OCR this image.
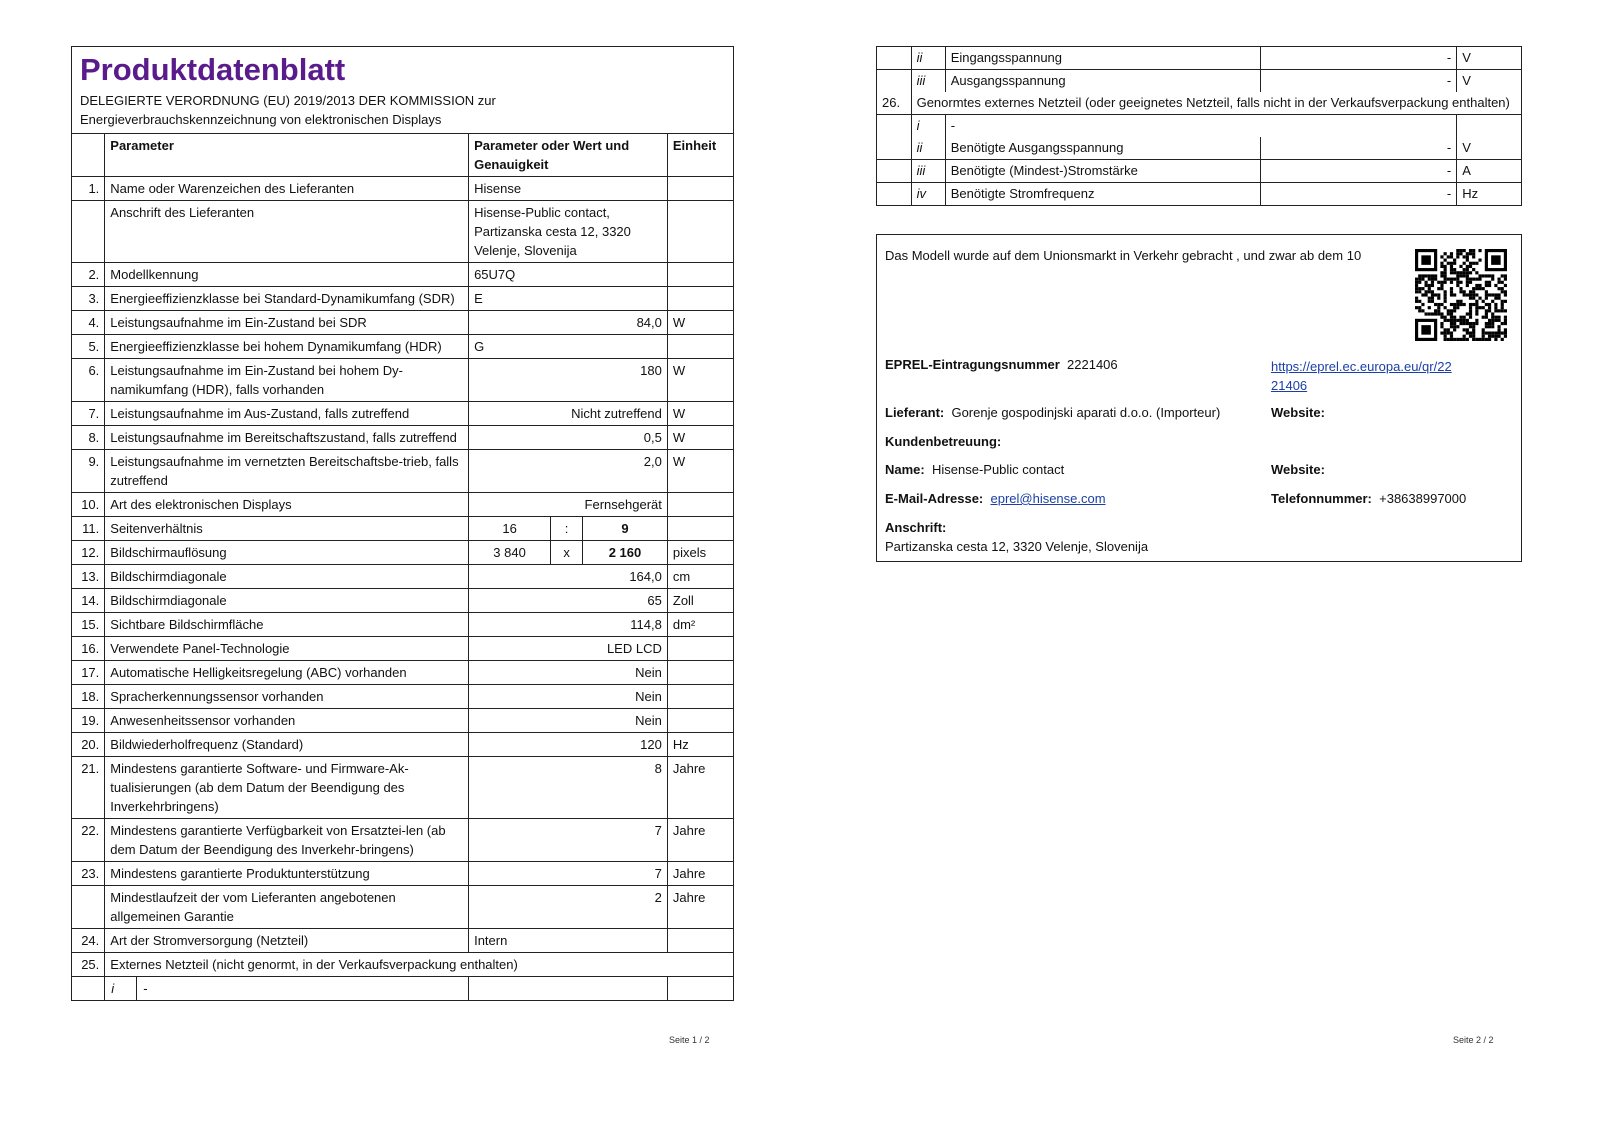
Produktdatenblatt
DELEGIERTE VERORDNUNG (EU) 2019/2013 DER KOMMISSION zur
Energieverbrauchskennzeichnung von elektronischen Displays
	Parameter	Parameter oder Wert und Genauigkeit	Einheit
1.	Name oder Warenzeichen des Lieferanten	Hisense	
	Anschrift des Lieferanten	Hisense-Public contact, Partizanska cesta 12, 3320 Velenje, Slovenija	
2.	Modellkennung	65U7Q	
3.	Energieeffizienzklasse bei Standard-Dynamikumfang (SDR)	E	
4.	Leistungsaufnahme im Ein-Zustand bei SDR	84,0	W
5.	Energieeffizienzklasse bei hohem Dynamikumfang (HDR)	G	
6.	Leistungsaufnahme im Ein-Zustand bei hohem Dy-namikumfang (HDR), falls vorhanden	180	W
7.	Leistungsaufnahme im Aus-Zustand, falls zutreffend	Nicht zutreffend	W
8.	Leistungsaufnahme im Bereitschaftszustand, falls zutreffend	0,5	W
9.	Leistungsaufnahme im vernetzten Bereitschaftsbe-trieb, falls zutreffend	2,0	W
10.	Art des elektronischen Displays	Fernsehgerät	
11.	Seitenverhältnis	16 : 9	

12.	Bildschirmauflösung	3 840 x 2 160	pixels
13.	Bildschirmdiagonale	164,0	cm
14.	Bildschirmdiagonale	65	Zoll
15.	Sichtbare Bildschirmfläche	114,8	dm²
16.	Verwendete Panel-Technologie	LED LCD	
17.	Automatische Helligkeitsregelung (ABC) vorhanden	Nein	
18.	Spracherkennungssensor vorhanden	Nein	
19.	Anwesenheitssensor vorhanden	Nein	
20.	Bildwiederholfrequenz (Standard)	120	Hz
21.	Mindestens garantierte Software- und Firmware-Ak-tualisierungen (ab dem Datum der Beendigung des Inverkehrbringens)	8	Jahre
22.	Mindestens garantierte Verfügbarkeit von Ersatztei-len (ab dem Datum der Beendigung des Inverkehr-bringens)	7	Jahre
23.	Mindestens garantierte Produktunterstützung	7	Jahre
	Mindestlaufzeit der vom Lieferanten angebotenen allgemeinen Garantie	2	Jahre
24.	Art der Stromversorgung (Netzteil)	Intern	
25.	Externes Netzteil (nicht genormt, in der Verkaufsverpackung enthalten)		

	i -		

Seite 1 / 2
	ii	Eingangsspannung	-	V
	iii	Ausgangsspannung	-	V
26.	Genormtes externes Netzteil (oder geeignetes Netzteil, falls nicht in der Verkaufsverpackung enthalten)			
	i	-		
	ii	Benötigte Ausgangsspannung	-	V
	iii	Benötigte (Mindest-)Stromstärke	-	A
	iv	Benötigte Stromfrequenz	-	Hz
Das Modell wurde auf dem Unionsmarkt in Verkehr gebracht , und zwar ab dem 10
EPREL-Eintragungsnummer 2221406	https://eprel.ec.europa.eu/qr/22
21406
Lieferant: Gorenje gospodinjski aparati d.o.o. (Importeur)	Website:
Kundenbetreuung:
Name: Hisense-Public contact	Website:
E-Mail-Adresse: eprel@hisense.com	Telefonnummer: +38638997000
Anschrift:
Partizanska cesta 12, 3320 Velenje, Slovenija
Seite 2 / 2
